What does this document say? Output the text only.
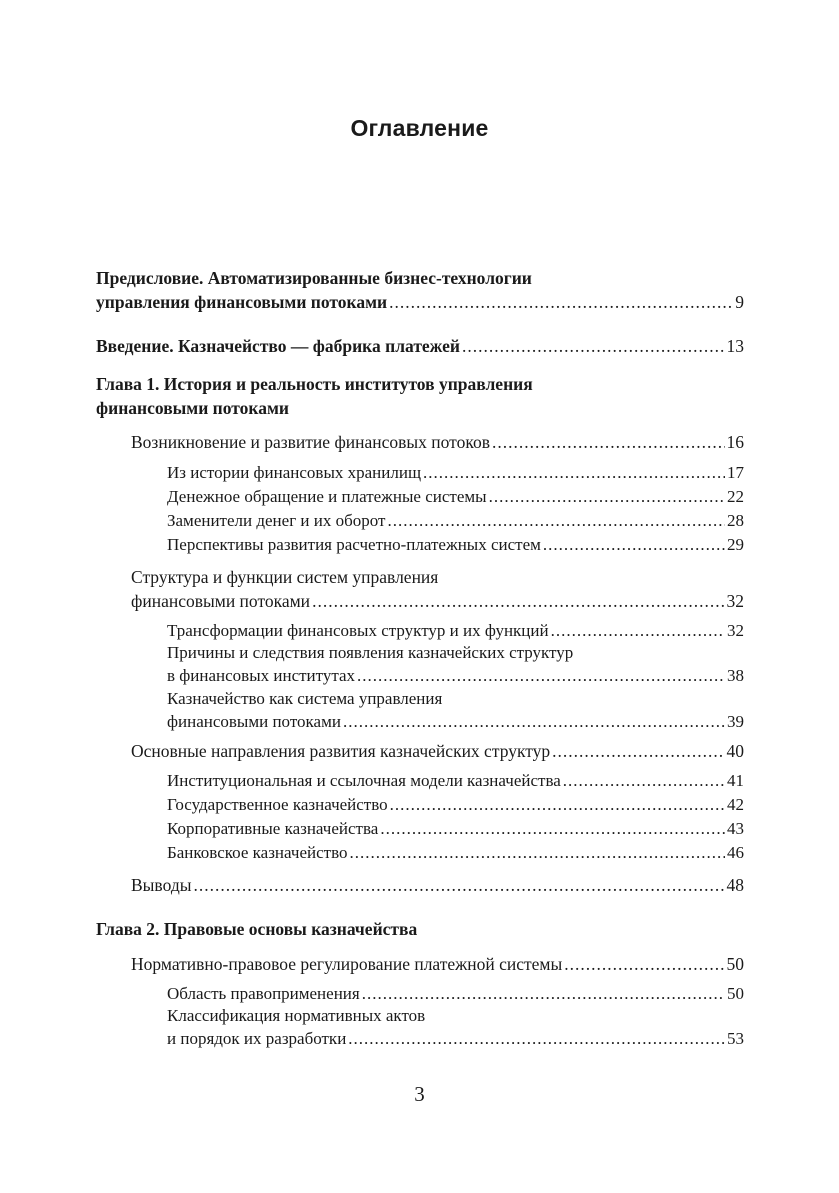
Оглавление
Предисловие. Автоматизированные бизнес-технологии
управления финансовыми потоками .....	9
Введение. Казначейство — фабрика платежей .....	13
Глава 1. История и реальность институтов управления
финансовыми потоками
Возникновение и развитие финансовых потоков .....	16
Из истории финансовых хранилищ .....	17
Денежное обращение и платежные системы .....	22
Заменители денег и их оборот .....	28
Перспективы развития расчетно-платежных систем .....	29
Структура и функции систем управления
финансовыми потоками .....	32
Трансформации финансовых структур и их функций .....	32
Причины и следствия появления казначейских структур
в финансовых институтах .....	38
Казначейство как система управления
финансовыми потоками .....	39
Основные направления развития казначейских структур .....	40
Институциональная и ссылочная модели казначейства .....	41
Государственное казначейство .....	42
Корпоративные казначейства .....	43
Банковское казначейство .....	46
Выводы .....	48
Глава 2. Правовые основы казначейства
Нормативно-правовое регулирование платежной системы .....	50
Область правоприменения .....	50
Классификация нормативных актов
и порядок их разработки .....	53
3
